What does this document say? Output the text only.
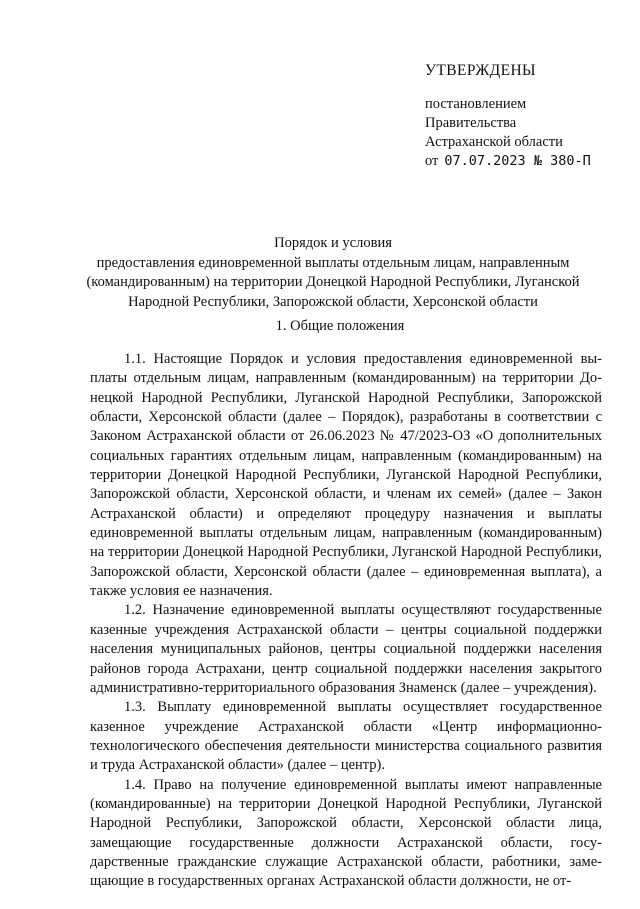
УТВЕРЖДЕНЫ
постановлением
Правительства
Астраханской области
от 07.07.2023 № 380-П
Порядок и условия
предоставления единовременной выплаты отдельным лицам, направленным
(командированным) на территории Донецкой Народной Республики, Луганской
Народной Республики, Запорожской области, Херсонской области
1. Общие положения

1.1. Настоящие Порядок и условия предоставления единовременной выплаты отдельным лицам, направленным (командированным) на территории Донецкой Народной Республики, Луганской Народной Республики, Запорожской области, Херсонской области (далее – Порядок), разработаны в соответствии с Законом Астраханской области от 26.06.2023 № 47/2023-ОЗ «О дополнительных социальных гарантиях отдельным лицам, направленным (командированным) на территории Донецкой Народной Республики, Луганской Народной Республики, Запорожской области, Херсонской области, и членам их семей» (далее – Закон Астраханской области) и определяют процедуру назначения и выплаты единовременной выплаты отдельным лицам, направленным (командированным) на территории Донецкой Народной Республики, Луганской Народной Республики, Запорожской области, Херсонской области (далее – единовременная выплата), а также условия ее назначения.

1.2. Назначение единовременной выплаты осуществляют государственные казенные учреждения Астраханской области – центры социальной поддержки населения муниципальных районов, центры социальной поддержки населения районов города Астрахани, центр социальной поддержки населения закрытого административно-территориального образования Знаменск (далее – учреждения).

1.3. Выплату единовременной выплаты осуществляет государственное казенное учреждение Астраханской области «Центр информационно-технологического обеспечения деятельности министерства социального развития и труда Астраханской области» (далее – центр).

1.4. Право на получение единовременной выплаты имеют направленные (командированные) на территории Донецкой Народной Республики, Луганской Народной Республики, Запорожской области, Херсонской области лица, замещающие государственные должности Астраханской области, государственные гражданские служащие Астраханской области, работники, замещающие в государственных органах Астраханской области должности, не от-
